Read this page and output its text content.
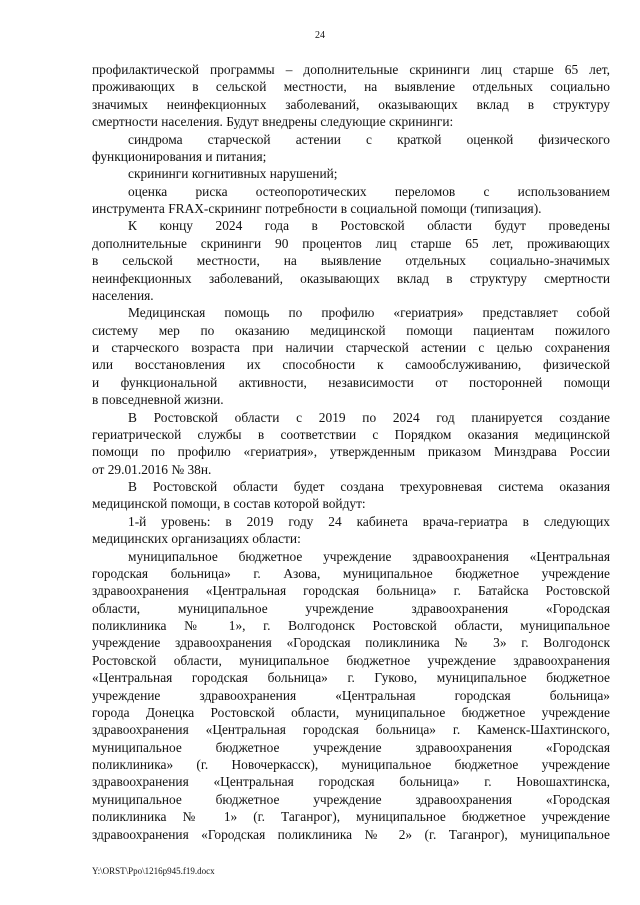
24
профилактической программы – дополнительные скрининги лиц старше 65 лет,
проживающих в сельской местности, на выявление отдельных социально
значимых неинфекционных заболеваний, оказывающих вклад в структуру
смертности населения. Будут внедрены следующие скрининги:
синдрома старческой астении с краткой оценкой физического
функционирования и питания;
скрининги когнитивных нарушений;
оценка риска остеопоротических переломов с использованием
инструмента FRAX-скрининг потребности в социальной помощи (типизация).
К концу 2024 года в Ростовской области будут проведены
дополнительные скрининги 90 процентов лиц старше 65 лет, проживающих
в сельской местности, на выявление отдельных социально-значимых
неинфекционных заболеваний, оказывающих вклад в структуру смертности
населения.
Медицинская помощь по профилю «гериатрия» представляет собой
систему мер по оказанию медицинской помощи пациентам пожилого
и старческого возраста при наличии старческой астении с целью сохранения
или восстановления их способности к самообслуживанию, физической
и функциональной активности, независимости от посторонней помощи
в повседневной жизни.
В Ростовской области с 2019 по 2024 год планируется создание
гериатрической службы в соответствии с Порядком оказания медицинской
помощи по профилю «гериатрия», утвержденным приказом Минздрава России
от 29.01.2016 № 38н.
В Ростовской области будет создана трехуровневая система оказания
медицинской помощи, в состав которой войдут:
1-й уровень: в 2019 году 24 кабинета врача-гериатра в следующих
медицинских организациях области:
муниципальное бюджетное учреждение здравоохранения «Центральная
городская больница» г. Азова, муниципальное бюджетное учреждение
здравоохранения «Центральная городская больница» г. Батайска Ростовской
области, муниципальное учреждение здравоохранения «Городская
поликлиника № 1», г. Волгодонск Ростовской области, муниципальное
учреждение здравоохранения «Городская поликлиника № 3» г. Волгодонск
Ростовской области, муниципальное бюджетное учреждение здравоохранения
«Центральная городская больница» г. Гуково, муниципальное бюджетное
учреждение здравоохранения «Центральная городская больница»
города Донецка Ростовской области, муниципальное бюджетное учреждение
здравоохранения «Центральная городская больница» г. Каменск-Шахтинского,
муниципальное бюджетное учреждение здравоохранения «Городская
поликлиника» (г. Новочеркасск), муниципальное бюджетное учреждение
здравоохранения «Центральная городская больница» г. Новошахтинска,
муниципальное бюджетное учреждение здравоохранения «Городская
поликлиника № 1» (г. Таганрог), муниципальное бюджетное учреждение
здравоохранения «Городская поликлиника № 2» (г. Таганрог), муниципальное
Y:\ORST\Ppo\1216p945.f19.docx
